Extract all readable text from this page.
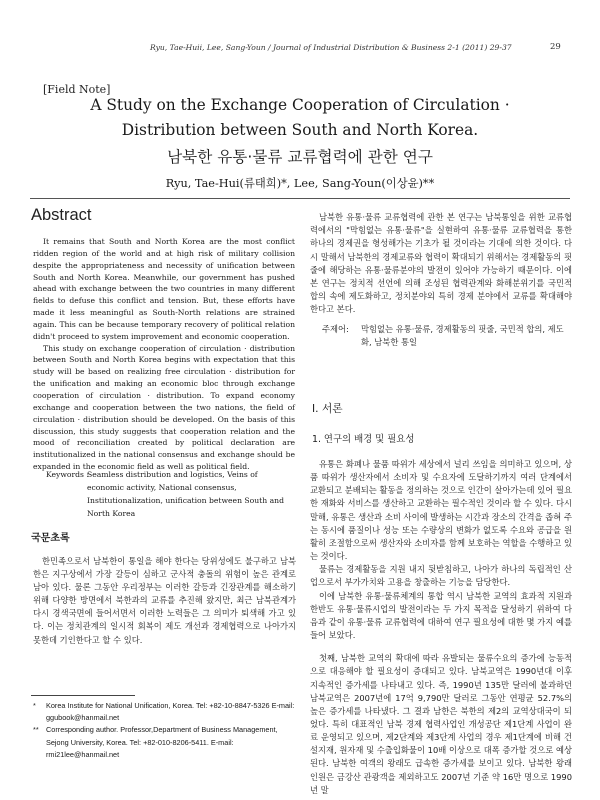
Ryu, Tae-Huii, Lee, Sang-Youn / Journal of Industrial Distribution & Business 2-1 (2011) 29-37	29
[Field Note]
A Study on the Exchange Cooperation of Circulation ·
Distribution between South and North Korea.
남북한 유통·물류 교류협력에 관한 연구
Ryu, Tae-Hui(류태희)*, Lee, Sang-Youn(이상윤)**
Abstract

It remains that South and North Korea are the most conflict ridden region of the world and at high risk of military collision despite the appropriateness and necessity of unification between South and North Korea. Meanwhile, our government has pushed ahead with exchange between the two countries in many different fields to defuse this conflict and tension. But, these efforts have made it less meaningful as South-North relations are strained again. This can be because temporary recovery of political relation didn't proceed to system improvement and economic cooperation.

This study on exchange cooperation of circulation · distribution between South and North Korea begins with expectation that this study will be based on realizing free circulation · distribution for the unification and making an economic bloc through exchange cooperation of circulation · distribution. To expand economy exchange and cooperation between the two nations, the field of circulation · distribution should be developed. On the basis of this discussion, this study suggests that cooperation relation and the mood of reconciliation created by political declaration are institutionalized in the national consensus and exchange should be expanded in the economic field as well as political field.

Keywords :
Seamless distribution and logistics, Veins of economic activity, National consensus, Institutionalization, unification between South and North Korea
국문초록

한민족으로서 남북한이 통일을 해야 한다는 당위성에도 불구하고 남북한은 지구상에서 가장 갈등이 심하고 군사적 충돌의 위험이 높은 관계로 남아 있다. 물론 그동안 우리정부는 이러한 갈등과 긴장관계를 해소하기 위해 다양한 방면에서 북한과의 교류를 추진해 왔지만, 최근 남북관계가 다시 경색국면에 들어서면서 이러한 노력들은 그 의미가 퇴색해 가고 있다. 이는 정치관계의 일시적 회복이 제도 개선과 경제협력으로 나아가지 못한데 기인한다고 할 수 있다.

*	Korea Institute for National Unification, Korea. Tel: +82-10-8847-5326 E-mail: ggubook@hanmail.net
**	Corresponding author. Professor,Department of Business Management, Sejong University, Korea. Tel: +82-010-8206-5411. E-mail: rmi21lee@hanmail.net

남북한 유통·물류 교류협력에 관한 본 연구는 남북통일을 위한 교류협력에서의 "막힘없는 유통·물류"을 실현하여 유통·물류 교류협력을 통한 하나의 경제권을 형성해가는 기초가 될 것이라는 기대에 의한 것이다. 다시 말해서 남북한의 경제교류와 협력이 확대되기 위해서는 경제활동의 핏줄에 해당하는 유통·물류분야의 발전이 있어야 가능하기 때문이다. 이에 본 연구는 정치적 선언에 의해 조성된 협력관계와 화해분위기를 국민적 합의 속에 제도화하고, 정치분야외 특히 경제 분야에서 교류를 확대해야 한다고 본다.

주제어:	막힘없는 유통·물류, 경제활동의 핏줄, 국민적 합의, 제도화, 남북한 통일
Ⅰ. 서론
1. 연구의 배경 및 필요성

유통은 화폐나 물품 따위가 세상에서 널리 쓰임을 의미하고 있으며, 상품 따위가 생산자에서 소비자 및 수요자에 도달하기까지 여러 단계에서 교환되고 분배되는 활동을 정의하는 것으로 인간이 살아가는데 있어 필요한 재화와 서비스를 생산하고 교환하는 필수적인 것이라 할 수 있다. 다시 말해, 유통은 생산과 소비 사이에 발생하는 시간과 장소의 간격을 좁혀 주는 동시에 품질이나 성능 또는 수량상의 변화가 없도록 수요와 공급을 원활히 조절함으로써 생산자와 소비자를 함께 보호하는 역할을 수행하고 있는 것이다.

물류는 경제활동을 지원 내지 뒷받침하고, 나아가 하나의 독립적인 산업으로서 부가가치와 고용을 창출하는 기능을 담당한다.

이에 남북한 유통·물류체계의 통합 역시 남북한 교역의 효과적 지원과 한반도 유통·물류시업의 발전이라는 두 가지 목적을 달성하기 위하여 다음과 같이 유통·물류 교류협력에 대하여 연구 필요성에 대한 몇 가지 예를 들어 보았다.

첫째, 남북한 교역의 확대에 따라 유발되는 물류수요의 증가에 능동적으로 대응해야 할 필요성이 증대되고 있다. 남북교역은 1990년대 이후 지속적인 증가세를 나타내고 있다. 즉, 1990년 135만 달러에 불과하던 남북교역은 2007년에 17억 9,790만 달러로 그동안 연평균 52.7%의 높은 증가세를 나타냈다. 그 결과 남한은 북한의 제2의 교역상대국이 되었다. 특히 대표적인 남북 경제 협력사업인 개성공단 제1단계 사업이 완료 운영되고 있으며, 제2단계와 제3단계 사업의 경우 제1단계에 비해 건설지재, 원자재 및 수출입화물이 10배 이상으로 대폭 증가할 것으로 예상된다. 남북한 여객의 왕래도 급속한 증가세를 보이고 있다. 남북한 왕래 인원은 금강산 관광객을 제외하고도 2007년 기준 약 16만 명으로 1990년 말
